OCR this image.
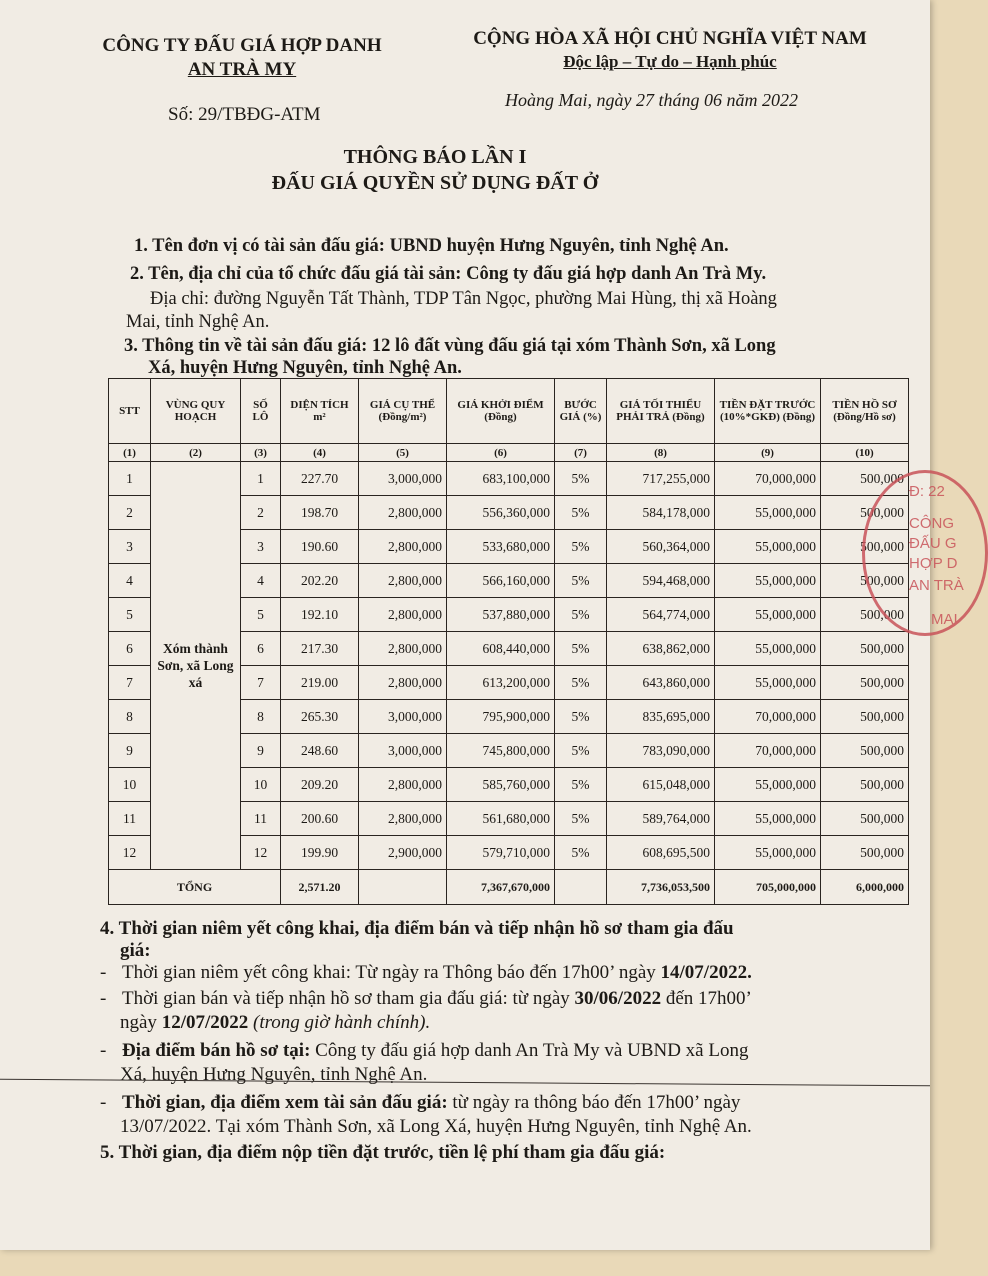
CÔNG TY ĐẤU GIÁ HỢP DANH
AN TRÀ MY
CỘNG HÒA XÃ HỘI CHỦ NGHĨA VIỆT NAM
Độc lập – Tự do – Hạnh phúc
Số: 29/TBĐG-ATM
Hoàng Mai, ngày 27 tháng 06 năm 2022
THÔNG BÁO LẦN I
ĐẤU GIÁ QUYỀN SỬ DỤNG ĐẤT Ở
1. Tên đơn vị có tài sản đấu giá: UBND huyện Hưng Nguyên, tỉnh Nghệ An.
2. Tên, địa chỉ của tổ chức đấu giá tài sản: Công ty đấu giá hợp danh An Trà My.
Địa chỉ: đường Nguyễn Tất Thành, TDP Tân Ngọc, phường Mai Hùng, thị xã Hoàng
Mai, tỉnh Nghệ An.
3. Thông tin về tài sản đấu giá: 12 lô đất vùng đấu giá tại xóm Thành Sơn, xã Long
Xá, huyện Hưng Nguyên, tỉnh Nghệ An.
STT	VÙNG QUY HOẠCH	SỐ LÔ	DIỆN TÍCH m²	GIÁ CỤ THỂ (Đồng/m²)	GIÁ KHỞI ĐIỂM (Đồng)	BƯỚC GIÁ (%)	GIÁ TỐI THIỂU PHẢI TRẢ (Đồng)	TIỀN ĐẶT TRƯỚC (10%*GKĐ) (Đồng)	TIỀN HỒ SƠ (Đồng/Hồ sơ)
(1)	(2)	(3)	(4)	(5)	(6)	(7)	(8)	(9)	(10)
1	Xóm thành Sơn, xã Long xá	1	227.70	3,000,000	683,100,000	5%	717,255,000	70,000,000	500,000
2		2	198.70	2,800,000	556,360,000	5%	584,178,000	55,000,000	500,000
3		3	190.60	2,800,000	533,680,000	5%	560,364,000	55,000,000	500,000
4		4	202.20	2,800,000	566,160,000	5%	594,468,000	55,000,000	500,000
5		5	192.10	2,800,000	537,880,000	5%	564,774,000	55,000,000	500,000
6		6	217.30	2,800,000	608,440,000	5%	638,862,000	55,000,000	500,000
7		7	219.00	2,800,000	613,200,000	5%	643,860,000	55,000,000	500,000
8		8	265.30	3,000,000	795,900,000	5%	835,695,000	70,000,000	500,000
9		9	248.60	3,000,000	745,800,000	5%	783,090,000	70,000,000	500,000
10		10	209.20	2,800,000	585,760,000	5%	615,048,000	55,000,000	500,000
11		11	200.60	2,800,000	561,680,000	5%	589,764,000	55,000,000	500,000
12		12	199.90	2,900,000	579,710,000	5%	608,695,500	55,000,000	500,000
TỔNG			2,571.20		7,367,670,000		7,736,053,500	705,000,000	6,000,000
Đ: 22
CÔNG
ĐẤU G
HỢP D
AN TRÀ
MAI
4. Thời gian niêm yết công khai, địa điểm bán và tiếp nhận hồ sơ tham gia đấu
giá:
- Thời gian niêm yết công khai: Từ ngày ra Thông báo đến 17h00’ ngày 14/07/2022.
- Thời gian bán và tiếp nhận hồ sơ tham gia đấu giá: từ ngày 30/06/2022 đến 17h00’
ngày 12/07/2022 (trong giờ hành chính).
- Địa điểm bán hồ sơ tại: Công ty đấu giá hợp danh An Trà My và UBND xã Long
Xá, huyện Hưng Nguyên, tỉnh Nghệ An.
- Thời gian, địa điểm xem tài sản đấu giá: từ ngày ra thông báo đến 17h00’ ngày
13/07/2022. Tại xóm Thành Sơn, xã Long Xá, huyện Hưng Nguyên, tỉnh Nghệ An.
5. Thời gian, địa điểm nộp tiền đặt trước, tiền lệ phí tham gia đấu giá:
